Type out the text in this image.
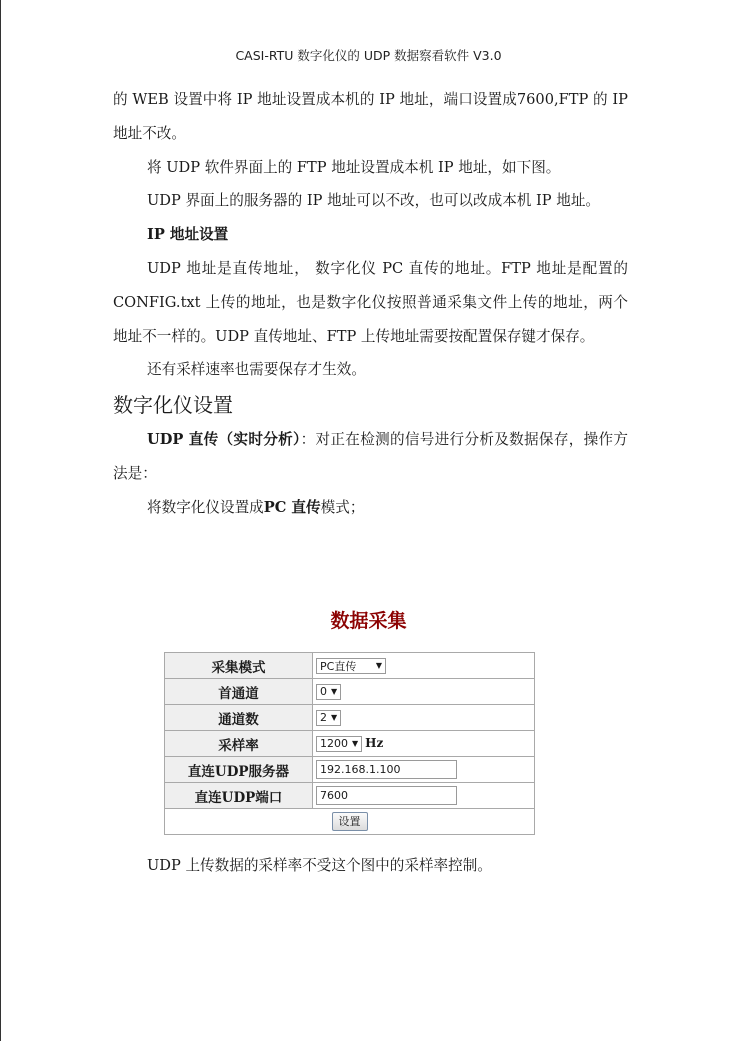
CASI-RTU 数字化仪的 UDP 数据察看软件 V3.0

的 WEB 设置中将 IP 地址设置成本机的 IP 地址，端口设置成7600,FTP 的 IP 地址不改。

将 UDP 软件界面上的 FTP 地址设置成本机 IP 地址，如下图。

UDP 界面上的服务器的 IP 地址可以不改，也可以改成本机 IP 地址。

IP 地址设置

UDP 地址是直传地址， 数字化仪 PC 直传的地址。FTP 地址是配置的 CONFIG.txt 上传的地址，也是数字化仪按照普通采集文件上传的地址，两个地址不一样的。UDP 直传地址、FTP 上传地址需要按配置保存键才保存。

还有采样速率也需要保存才生效。

数字化仪设置

UDP 直传（实时分析）：对正在检测的信号进行分析及数据保存，操作方法是：

将数字化仪设置成PC 直传模式；

数据采集
采集模式	PC直传 ▼

首通道	0 ▼

通道数	2 ▼

采样率	1200 ▼ Hz
直连UDP服务器	192.168.1.100
直连UDP端口	7600
设置	

UDP 上传数据的采样率不受这个图中的采样率控制。
